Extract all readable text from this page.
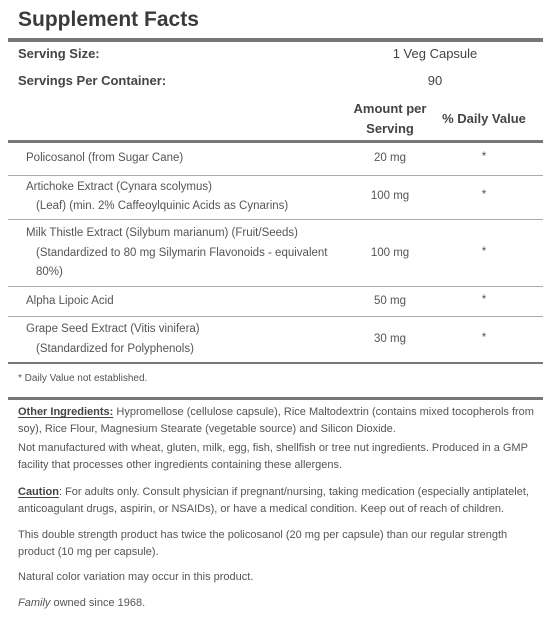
Supplement Facts
Serving Size:	1 Veg Capsule
Servings Per Container:	90
Amount per
Serving
% Daily Value
Policosanol (from Sugar Cane)	20 mg	*
Artichoke Extract (Cynara scolymus)
(Leaf) (min. 2% Caffeoylquinic Acids as Cynarins)
100 mg	*
Milk Thistle Extract (Silybum marianum) (Fruit/Seeds)
(Standardized to 80 mg Silymarin Flavonoids - equivalent
80%)
100 mg	*
Alpha Lipoic Acid	50 mg	*
Grape Seed Extract (Vitis vinifera)
(Standardized for Polyphenols)
30 mg	*
* Daily Value not established.
Other Ingredients: Hypromellose (cellulose capsule), Rice Maltodextrin (contains mixed tocopherols from soy), Rice Flour, Magnesium Stearate (vegetable source) and Silicon Dioxide.
Not manufactured with wheat, gluten, milk, egg, fish, shellfish or tree nut ingredients. Produced in a GMP facility that processes other ingredients containing these allergens.
Caution: For adults only. Consult physician if pregnant/nursing, taking medication (especially antiplatelet, anticoagulant drugs, aspirin, or NSAIDs), or have a medical condition. Keep out of reach of children.
This double strength product has twice the policosanol (20 mg per capsule) than our regular strength product (10 mg per capsule).
Natural color variation may occur in this product.
Family owned since 1968.
